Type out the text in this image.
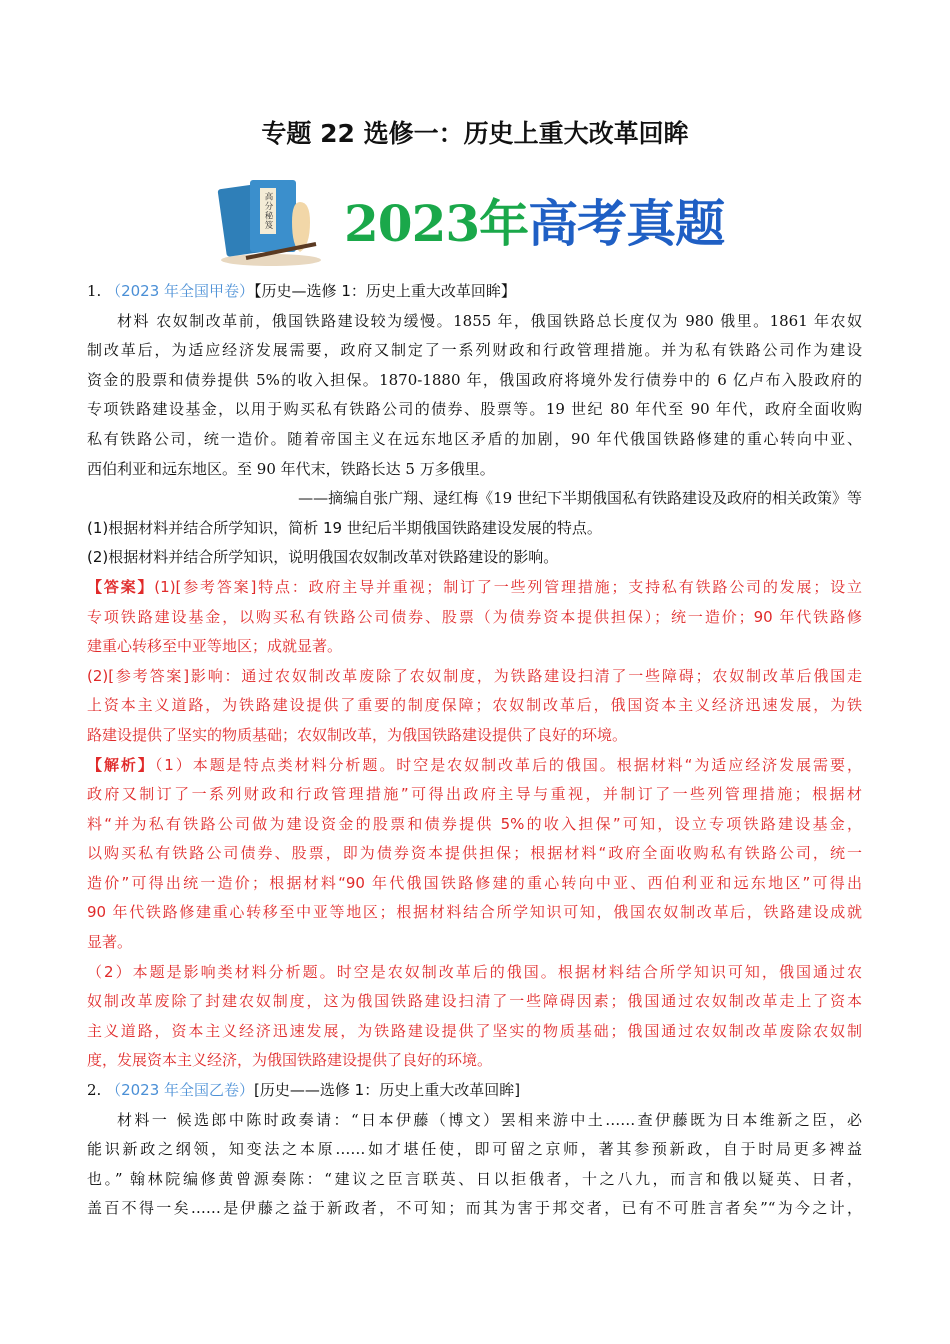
专题 22 选修一：历史上重大改革回眸
高分秘笈 2023年高考真题
1. （2023 年全国甲卷）【历史—选修 1：历史上重大改革回眸】
材料 农奴制改革前，俄国铁路建设较为缓慢。1855 年，俄国铁路总长度仅为 980 俄里。1861 年农奴
制改革后，为适应经济发展需要，政府又制定了一系列财政和行政管理措施。并为私有铁路公司作为建设
资金的股票和债券提供 5%的收入担保。1870-1880 年，俄国政府将境外发行债券中的 6 亿卢布入股政府的
专项铁路建设基金，以用于购买私有铁路公司的债券、股票等。19 世纪 80 年代至 90 年代，政府全面收购
私有铁路公司，统一造价。随着帝国主义在远东地区矛盾的加剧，90 年代俄国铁路修建的重心转向中亚、
西伯利亚和远东地区。至 90 年代末，铁路长达 5 万多俄里。
——摘编自张广翔、逯红梅《19 世纪下半期俄国私有铁路建设及政府的相关政策》等
(1)根据材料并结合所学知识，简析 19 世纪后半期俄国铁路建设发展的特点。
(2)根据材料并结合所学知识，说明俄国农奴制改革对铁路建设的影响。
【答案】(1)[参考答案]特点：政府主导并重视；制订了一些列管理措施；支持私有铁路公司的发展；设立
专项铁路建设基金，以购买私有铁路公司债券、股票（为债券资本提供担保）；统一造价；90 年代铁路修
建重心转移至中亚等地区；成就显著。
(2)[参考答案]影响：通过农奴制改革废除了农奴制度，为铁路建设扫清了一些障碍；农奴制改革后俄国走
上资本主义道路，为铁路建设提供了重要的制度保障；农奴制改革后，俄国资本主义经济迅速发展，为铁
路建设提供了坚实的物质基础；农奴制改革，为俄国铁路建设提供了良好的环境。
【解析】（1）本题是特点类材料分析题。时空是农奴制改革后的俄国。根据材料“为适应经济发展需要，
政府又制订了一系列财政和行政管理措施”可得出政府主导与重视，并制订了一些列管理措施；根据材
料“并为私有铁路公司做为建设资金的股票和债券提供 5%的收入担保”可知，设立专项铁路建设基金，
以购买私有铁路公司债券、股票，即为债券资本提供担保；根据材料“政府全面收购私有铁路公司，统一
造价”可得出统一造价；根据材料“90 年代俄国铁路修建的重心转向中亚、西伯利亚和远东地区”可得出
90 年代铁路修建重心转移至中亚等地区；根据材料结合所学知识可知，俄国农奴制改革后，铁路建设成就
显著。
（2）本题是影响类材料分析题。时空是农奴制改革后的俄国。根据材料结合所学知识可知，俄国通过农
奴制改革废除了封建农奴制度，这为俄国铁路建设扫清了一些障碍因素；俄国通过农奴制改革走上了资本
主义道路，资本主义经济迅速发展，为铁路建设提供了坚实的物质基础；俄国通过农奴制改革废除农奴制
度，发展资本主义经济，为俄国铁路建设提供了良好的环境。
2. （2023 年全国乙卷）[历史——选修 1：历史上重大改革回眸]
材料一 候选郎中陈时政奏请：“日本伊藤（博文）罢相来游中土……查伊藤既为日本维新之臣，必
能识新政之纲领，知变法之本原……如才堪任使，即可留之京师，著其参预新政，自于时局更多裨益
也。” 翰林院编修黄曾源奏陈：“建议之臣言联英、日以拒俄者，十之八九，而言和俄以疑英、日者，
盖百不得一矣……是伊藤之益于新政者，不可知；而其为害于邦交者，已有不可胜言者矣”“为今之计，
